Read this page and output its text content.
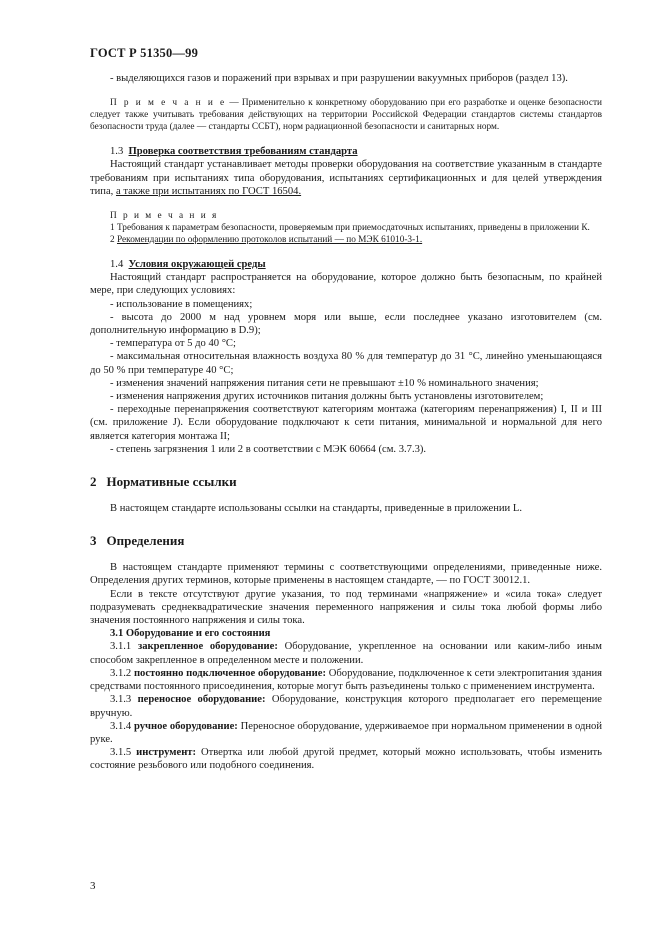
ГОСТ Р 51350—99

- выделяющихся газов и поражений при взрывах и при разрушении вакуумных приборов (раздел 13).

П р и м е ч а н и е — Применительно к конкретному оборудованию при его разработке и оценке безопасности следует также учитывать требования действующих на территории Российской Федерации стандартов системы стандартов безопасности труда (далее — стандарты ССБТ), норм радиационной безопасности и санитарных норм.

1.3 Проверка соответствия требованиям стандарта

Настоящий стандарт устанавливает методы проверки оборудования на соответствие указанным в стандарте требованиям при испытаниях типа оборудования, испытаниях сертификационных и для целей утверждения типа, а также при испытаниях по ГОСТ 16504.

П р и м е ч а н и я

1 Требования к параметрам безопасности, проверяемым при приемосдаточных испытаниях, приведены в приложении К.

2 Рекомендации по оформлению протоколов испытаний — по МЭК 61010-3-1.

1.4 Условия окружающей среды

Настоящий стандарт распространяется на оборудование, которое должно быть безопасным, по крайней мере, при следующих условиях:

- использование в помещениях;

- высота до 2000 м над уровнем моря или выше, если последнее указано изготовителем (см. дополнительную информацию в D.9);

- температура от 5 до 40 °С;

- максимальная относительная влажность воздуха 80 % для температур до 31 °С, линейно уменьшающаяся до 50 % при температуре 40 °С;

- изменения значений напряжения питания сети не превышают ±10 % номинального значения;

- изменения напряжения других источников питания должны быть установлены изготовителем;

- переходные перенапряжения соответствуют категориям монтажа (категориям перенапряжения) I, II и III (см. приложение J). Если оборудование подключают к сети питания, минимальной и нормальной для него является категория монтажа II;

- степень загрязнения 1 или 2 в соответствии с МЭК 60664 (см. 3.7.3).

2 Нормативные ссылки

В настоящем стандарте использованы ссылки на стандарты, приведенные в приложении L.

3 Определения

В настоящем стандарте применяют термины с соответствующими определениями, приведенные ниже. Определения других терминов, которые применены в настоящем стандарте, — по ГОСТ 30012.1.

Если в тексте отсутствуют другие указания, то под терминами «напряжение» и «сила тока» следует подразумевать среднеквадратические значения переменного напряжения и силы тока любой формы либо значения постоянного напряжения и силы тока.

3.1 Оборудование и его состояния

3.1.1 закрепленное оборудование: Оборудование, укрепленное на основании или каким-либо иным способом закрепленное в определенном месте и положении.

3.1.2 постоянно подключенное оборудование: Оборудование, подключенное к сети электропитания здания средствами постоянного присоединения, которые могут быть разъединены только с применением инструмента.

3.1.3 переносное оборудование: Оборудование, конструкция которого предполагает его перемещение вручную.

3.1.4 ручное оборудование: Переносное оборудование, удерживаемое при нормальном применении в одной руке.

3.1.5 инструмент: Отвертка или любой другой предмет, который можно использовать, чтобы изменить состояние резьбового или подобного соединения.

3
